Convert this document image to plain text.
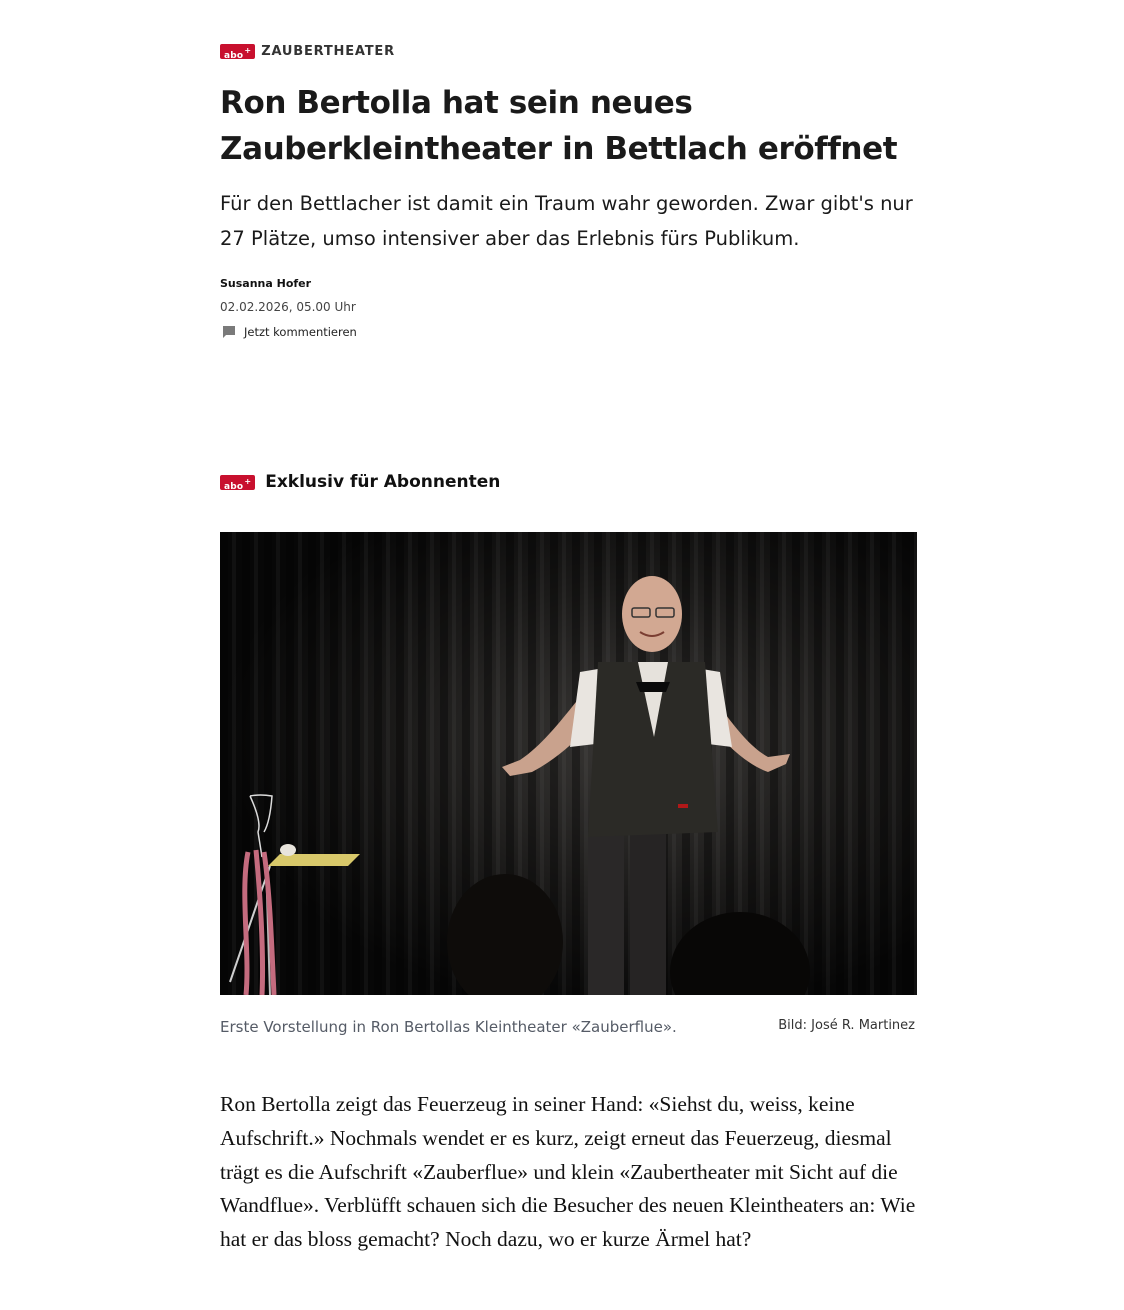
abo+ ZAUBERTHEATER
Ron Bertolla hat sein neues Zauberkleintheater in Bettlach eröffnet

Für den Bettlacher ist damit ein Traum wahr geworden. Zwar gibt's nur 27 Plätze, umso intensiver aber das Erlebnis fürs Publikum.

Susanna Hofer
02.02.2026, 05.00 Uhr
Jetzt kommentieren
abo+ Exklusiv für Abonnenten
Erste Vorstellung in Ron Bertollas Kleintheater «Zauberflue».	Bild: José R. Martinez

Ron Bertolla zeigt das Feuerzeug in seiner Hand: «Siehst du, weiss, keine Aufschrift.» Nochmals wendet er es kurz, zeigt erneut das Feuerzeug, diesmal trägt es die Aufschrift «Zauberflue» und klein «Zaubertheater mit Sicht auf die Wandflue». Verblüfft schauen sich die Besucher des neuen Kleintheaters an: Wie hat er das bloss gemacht? Noch dazu, wo er kurze Ärmel hat?
